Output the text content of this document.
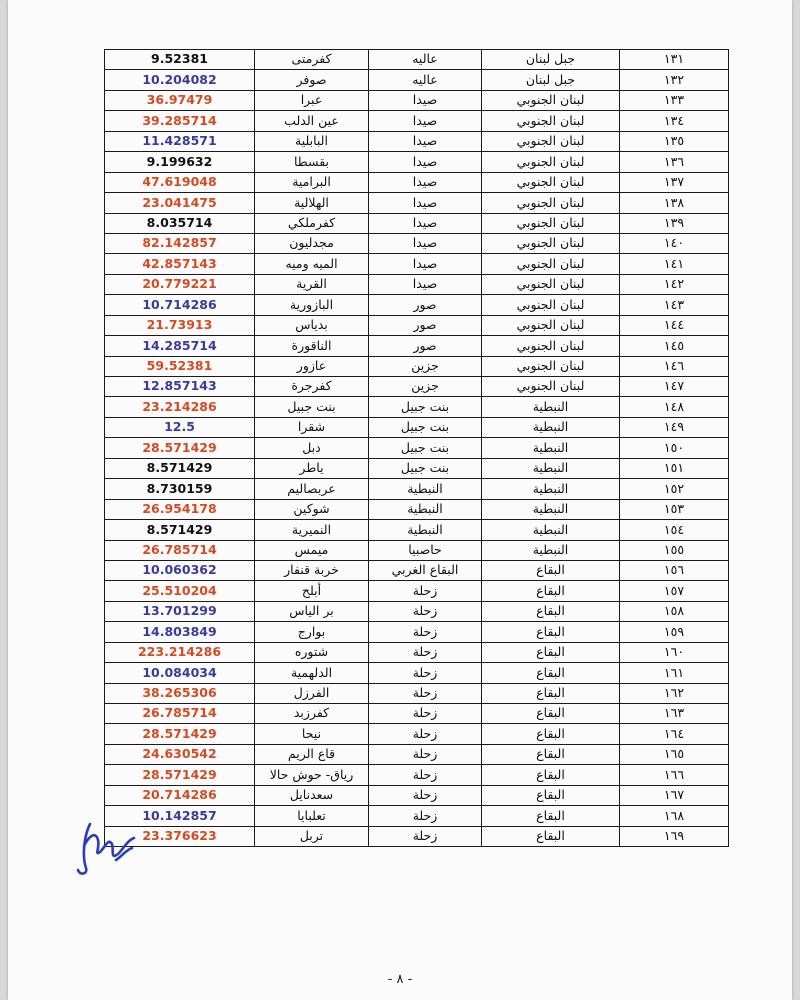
9.52381	كفرمتى	عاليه	جبل لبنان	١٣١
10.204082	صوفر	عاليه	جبل لبنان	١٣٢
36.97479	عبرا	صيدا	لبنان الجنوبي	١٣٣
39.285714	عين الدلب	صيدا	لبنان الجنوبي	١٣٤
11.428571	البابلية	صيدا	لبنان الجنوبي	١٣٥
9.199632	بقسطا	صيدا	لبنان الجنوبي	١٣٦
47.619048	البرامية	صيدا	لبنان الجنوبي	١٣٧
23.041475	الهلالية	صيدا	لبنان الجنوبي	١٣٨
8.035714	كفرملكي	صيدا	لبنان الجنوبي	١٣٩
82.142857	مجدليون	صيدا	لبنان الجنوبي	١٤٠
42.857143	الميه وميه	صيدا	لبنان الجنوبي	١٤١
20.779221	القرية	صيدا	لبنان الجنوبي	١٤٢
10.714286	البازورية	صور	لبنان الجنوبي	١٤٣
21.73913	بدياس	صور	لبنان الجنوبي	١٤٤
14.285714	الناقورة	صور	لبنان الجنوبي	١٤٥
59.52381	عازور	جزين	لبنان الجنوبي	١٤٦
12.857143	كفرجرة	جزين	لبنان الجنوبي	١٤٧
23.214286	بنت جبيل	بنت جبيل	النبطية	١٤٨
12.5	شقرا	بنت جبيل	النبطية	١٤٩
28.571429	دبل	بنت جبيل	النبطية	١٥٠
8.571429	ياطر	بنت جبيل	النبطية	١٥١
8.730159	عربصاليم	النبطية	النبطية	١٥٢
26.954178	شوكين	النبطية	النبطية	١٥٣
8.571429	النميرية	النبطية	النبطية	١٥٤
26.785714	ميمس	حاصبيا	النبطية	١٥٥
10.060362	خربة قنفار	البقاع الغربي	البقاع	١٥٦
25.510204	أبلح	زحلة	البقاع	١٥٧
13.701299	بر الياس	زحلة	البقاع	١٥٨
14.803849	بوارج	زحلة	البقاع	١٥٩
223.214286	شتوره	زحلة	البقاع	١٦٠
10.084034	الدلهمية	زحلة	البقاع	١٦١
38.265306	الفرزل	زحلة	البقاع	١٦٢
26.785714	كفرزبد	زحلة	البقاع	١٦٣
28.571429	نيحا	زحلة	البقاع	١٦٤
24.630542	قاع الريم	زحلة	البقاع	١٦٥
28.571429	رياق- حوش حالا	زحلة	البقاع	١٦٦
20.714286	سعدنايل	زحلة	البقاع	١٦٧
10.142857	تعلبايا	زحلة	البقاع	١٦٨
23.376623	تربل	زحلة	البقاع	١٦٩
- ٨ -
